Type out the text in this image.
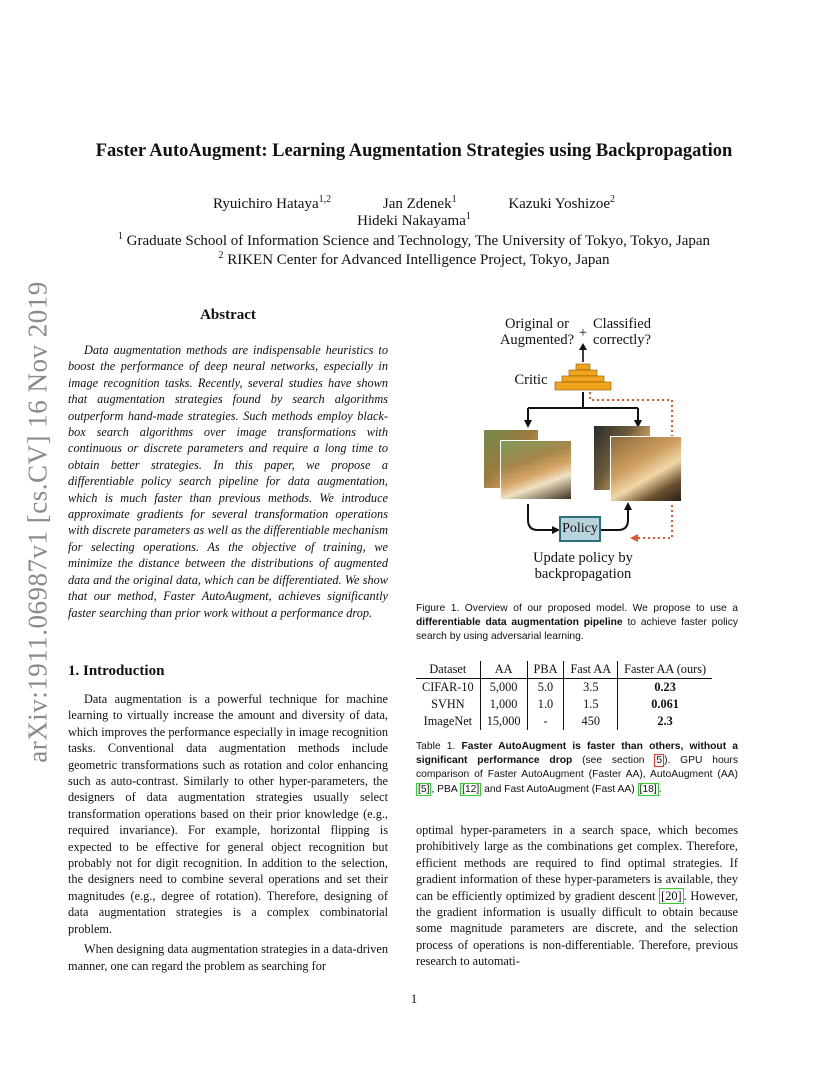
arXiv:1911.06987v1 [cs.CV] 16 Nov 2019
Faster AutoAugment: Learning Augmentation Strategies using Backpropagation
Ryuichiro Hataya$^{1,2}$	Jan Zdenek$^1$	Kazuki Yoshizoe$^2$
Hideki Nakayama$^1$
$^1$ Graduate School of Information Science and Technology, The University of Tokyo, Tokyo, Japan
$^2$ RIKEN Center for Advanced Intelligence Project, Tokyo, Japan
Abstract
Data augmentation methods are indispensable heuristics to boost the performance of deep neural networks, especially in image recognition tasks. Recently, several studies have shown that augmentation strategies found by search algorithms outperform hand-made strategies. Such methods employ black-box search algorithms over image transformations with continuous or discrete parameters and require a long time to obtain better strategies. In this paper, we propose a differentiable policy search pipeline for data augmentation, which is much faster than previous methods. We introduce approximate gradients for several transformation operations with discrete parameters as well as the differentiable mechanism for selecting operations. As the objective of training, we minimize the distance between the distributions of augmented data and the original data, which can be differentiated. We show that our method, Faster AutoAugment, achieves significantly faster searching than prior work without a performance drop.
1. Introduction

Data augmentation is a powerful technique for machine learning to virtually increase the amount and diversity of data, which improves the performance especially in image recognition tasks. Conventional data augmentation methods include geometric transformations such as rotation and color enhancing such as auto-contrast. Similarly to other hyper-parameters, the designers of data augmentation strategies usually select transformation operations based on their prior knowledge (e.g., required invariance). For example, horizontal flipping is expected to be effective for general object recognition but probably not for digit recognition. In addition to the selection, the designers need to combine several operations and set their magnitudes (e.g., degree of rotation). Therefore, designing of data augmentation strategies is a complex combinatorial problem.

When designing data augmentation strategies in a data-driven manner, one can regard the problem as searching for

Original or
Augmented? +
Classified
correctly?
Critic
Policy
Update policy by
backpropagation
Figure 1. Overview of our proposed model. We propose to use a differentiable data augmentation pipeline to achieve faster policy search by using adversarial learning.
Dataset	AA	PBA	Fast AA	Faster AA (ours)
CIFAR-10	5,000	5.0	3.5	0.23
SVHN	1,000	1.0	1.5	0.061
ImageNet	15,000	-	450	2.3
Table 1. Faster AutoAugment is faster than others, without a significant performance drop (see section 5 ). GPU hours comparison of Faster AutoAugment (Faster AA), AutoAugment (AA) [5] , PBA [12] and Fast AutoAugment (Fast AA) [18] .

optimal hyper-parameters in a search space, which becomes prohibitively large as the combinations get complex. Therefore, efficient methods are required to find optimal strategies. If gradient information of these hyper-parameters is available, they can be efficiently optimized by gradient descent [20] . However, the gradient information is usually difficult to obtain because some magnitude parameters are discrete, and the selection process of operations is non-differentiable. Therefore, previous research to automati-

1
